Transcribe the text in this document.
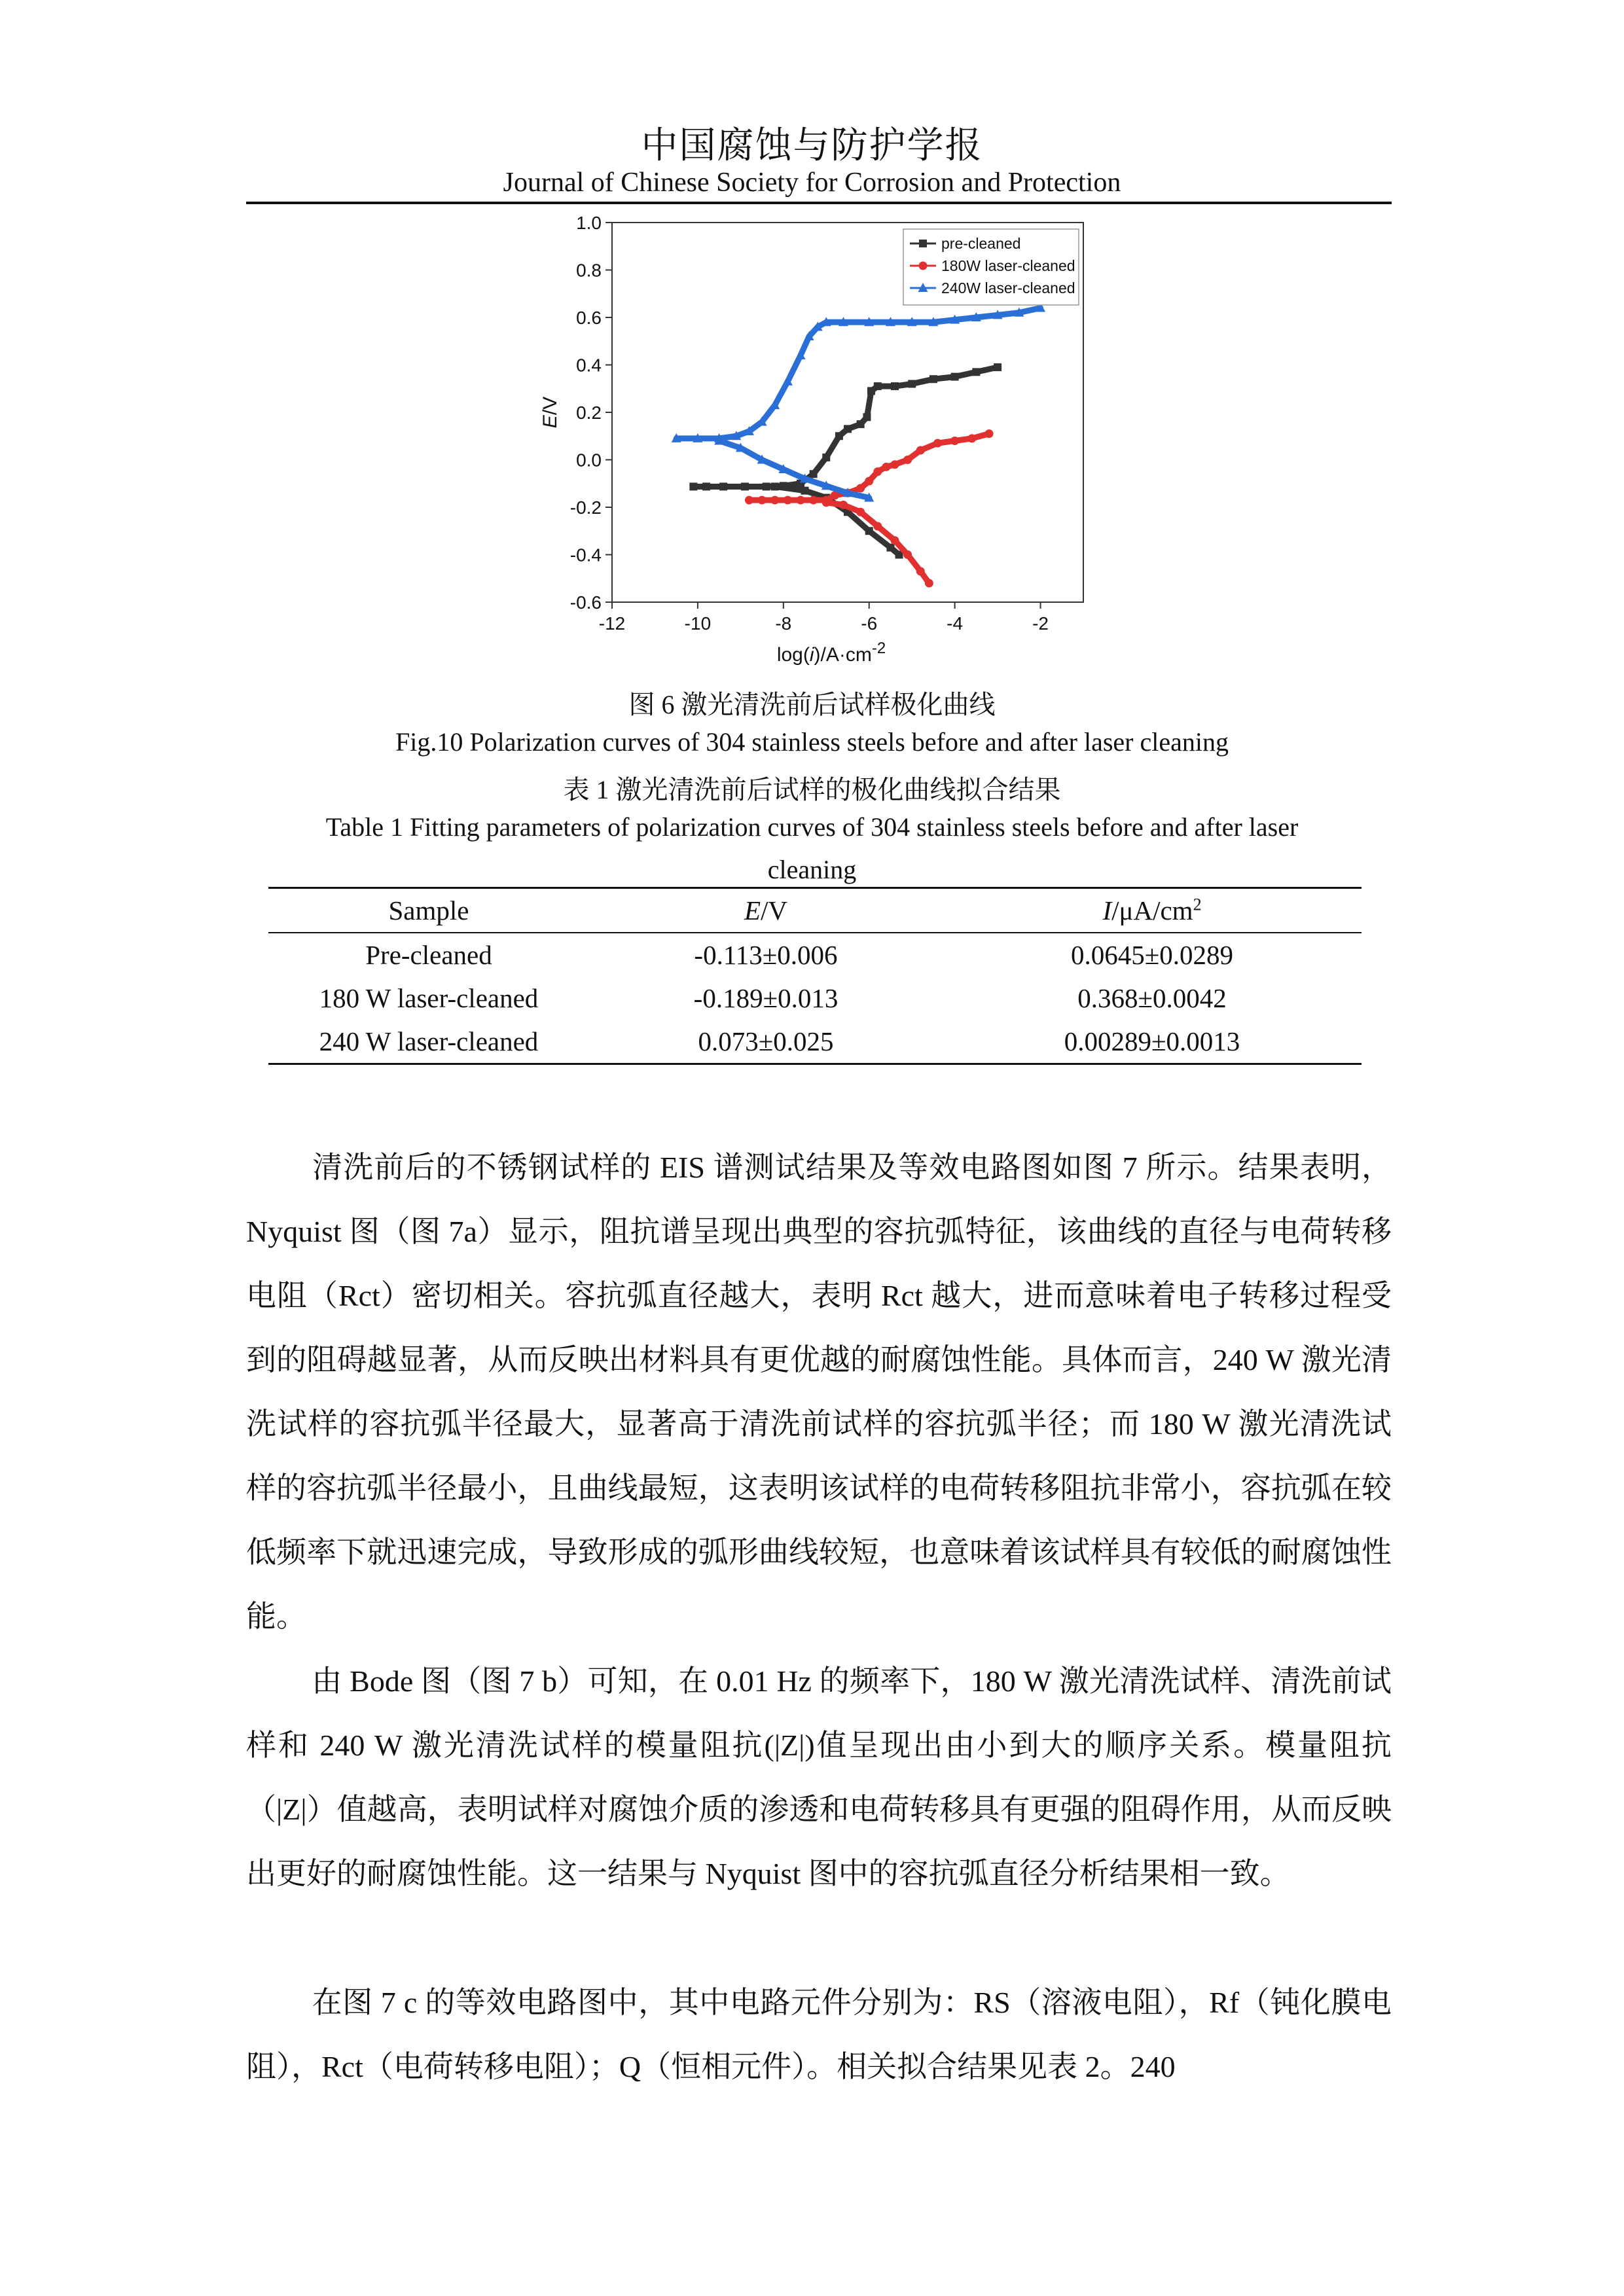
中国腐蚀与防护学报
Journal of Chinese Society for Corrosion and Protection
-12	-10	-8	-6	-4	-2
-0.6
-0.4
-0.2
0.0
0.2
0.4
0.6
0.8
1.0
E/V
$\log(i)/A\cdot cm^{-2}$
pre-cleaned
180W laser-cleaned
240W laser-cleaned
图 6 激光清洗前后试样极化曲线
Fig.10 Polarization curves of 304 stainless steels before and after laser cleaning
表 1 激光清洗前后试样的极化曲线拟合结果
Table 1 Fitting parameters of polarization curves of 304 stainless steels before and after laser
cleaning
Sample	E/V	$I/\mu A/cm^2$
Pre-cleaned	-0.113±0.006	0.0645±0.0289
180 W laser-cleaned	-0.189±0.013	0.368±0.0042
240 W laser-cleaned	0.073±0.025	0.00289±0.0013

清洗前后的不锈钢试样的 EIS 谱测试结果及等效电路图如图 7 所示。结果表明， Nyquist 图（图 7a）显示，阻抗谱呈现出典型的容抗弧特征，该曲线的直径与电荷转移电阻（Rct）密切相关。容抗弧直径越大，表明 Rct 越大，进而意味着电子转移过程受到的阻碍越显著，从而反映出材料具有更优越的耐腐蚀性能。具体而言，240 W 激光清洗试样的容抗弧半径最大，显著高于清洗前试样的容抗弧半径；而 180 W 激光清洗试样的容抗弧半径最小，且曲线最短，这表明该试样的电荷转移阻抗非常小，容抗弧在较低频率下就迅速完成，导致形成的弧形曲线较短，也意味着该试样具有较低的耐腐蚀性能。

由 Bode 图（图 7 b）可知，在 0.01 Hz 的频率下，180 W 激光清洗试样、清洗前试样和 240 W 激光清洗试样的模量阻抗(|Z|)值呈现出由小到大的顺序关系。模量阻抗（|Z|）值越高，表明试样对腐蚀介质的渗透和电荷转移具有更强的阻碍作用，从而反映出更好的耐腐蚀性能。这一结果与 Nyquist 图中的容抗弧直径分析结果相一致。

在图 7 c 的等效电路图中，其中电路元件分别为：RS（溶液电阻），Rf（钝化膜电阻），Rct（电荷转移电阻）；Q（恒相元件）。相关拟合结果见表 2。240
